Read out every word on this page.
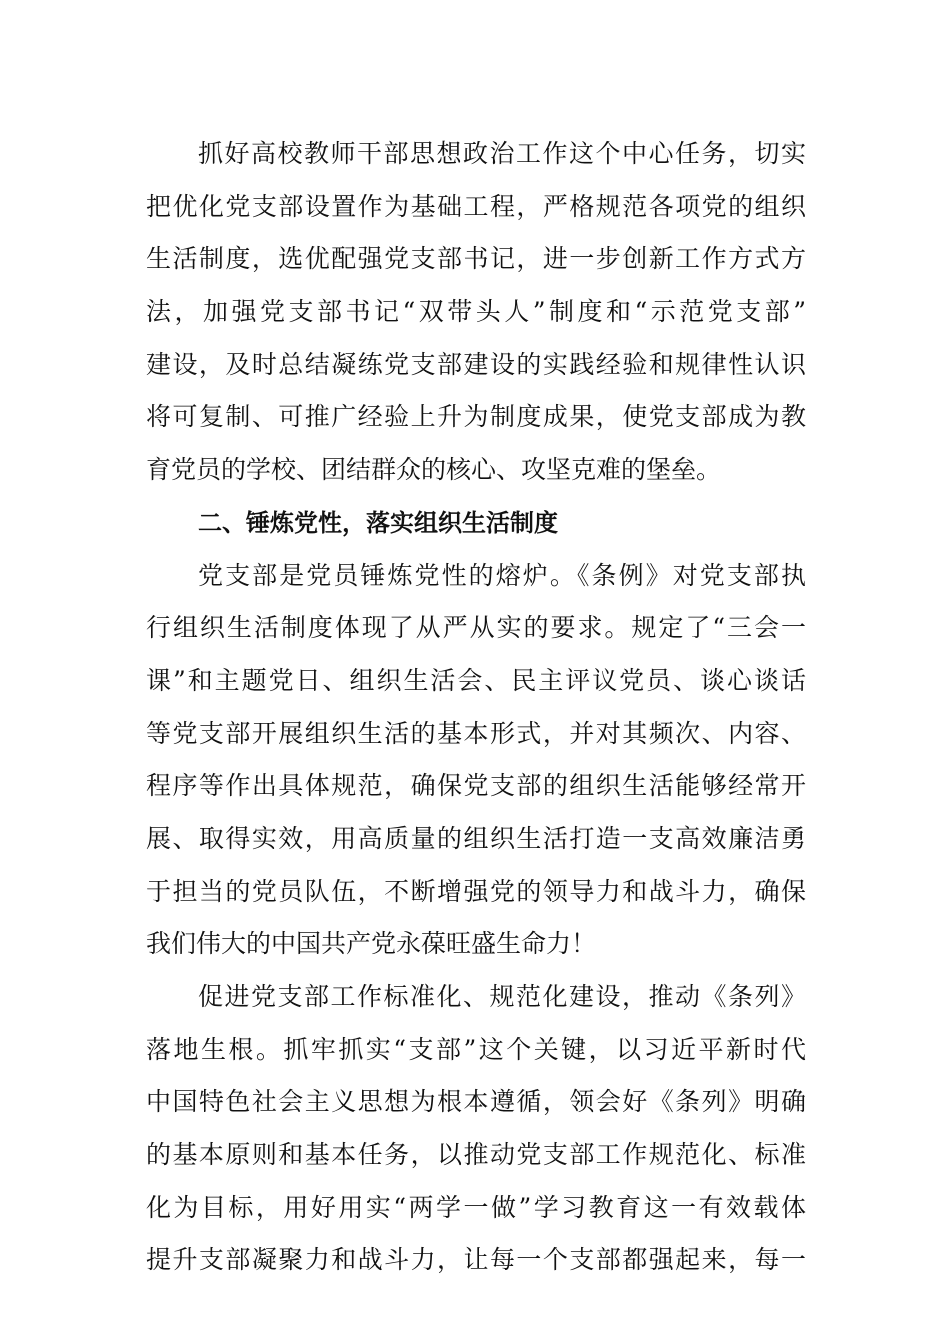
抓好高校教师干部思想政治工作这个中心任务，切实
把优化党支部设置作为基础工程，严格规范各项党的组织
生活制度，选优配强党支部书记，进一步创新工作方式方
法，加强党支部书记“双带头人”制度和“示范党支部”
建设，及时总结凝练党支部建设的实践经验和规律性认识
将可复制、可推广经验上升为制度成果，使党支部成为教
育党员的学校、团结群众的核心、攻坚克难的堡垒。
二、锤炼党性，落实组织生活制度
党支部是党员锤炼党性的熔炉。《条例》对党支部执
行组织生活制度体现了从严从实的要求。规定了“三会一
课”和主题党日、组织生活会、民主评议党员、谈心谈话
等党支部开展组织生活的基本形式，并对其频次、内容、
程序等作出具体规范，确保党支部的组织生活能够经常开
展、取得实效，用高质量的组织生活打造一支高效廉洁勇
于担当的党员队伍，不断增强党的领导力和战斗力，确保
我们伟大的中国共产党永葆旺盛生命力！
促进党支部工作标准化、规范化建设，推动《条列》
落地生根。抓牢抓实“支部”这个关键，以习近平新时代
中国特色社会主义思想为根本遵循，领会好《条列》明确
的基本原则和基本任务，以推动党支部工作规范化、标准
化为目标，用好用实“两学一做”学习教育这一有效载体
提升支部凝聚力和战斗力，让每一个支部都强起来，每一
